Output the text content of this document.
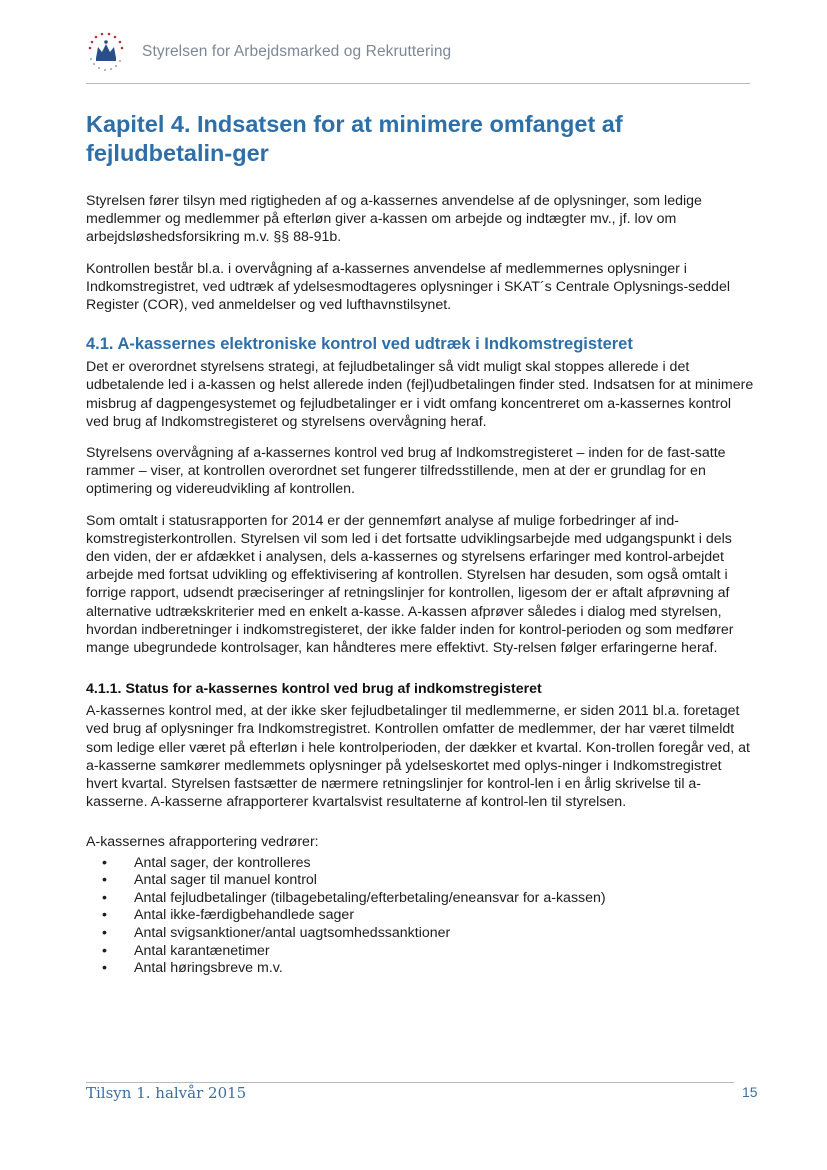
Styrelsen for Arbejdsmarked og Rekruttering
Kapitel 4. Indsatsen for at minimere omfanget af fejludbetalin-ger

Styrelsen fører tilsyn med rigtigheden af og a-kassernes anvendelse af de oplysninger, som ledige medlemmer og medlemmer på efterløn giver a-kassen om arbejde og indtægter mv., jf. lov om arbejdsløshedsforsikring m.v. §§ 88-91b.

Kontrollen består bl.a. i overvågning af a-kassernes anvendelse af medlemmernes oplysninger i Indkomstregistret, ved udtræk af ydelsesmodtageres oplysninger i SKAT´s Centrale Oplysnings-seddel Register (COR), ved anmeldelser og ved lufthavnstilsynet.

4.1. A-kassernes elektroniske kontrol ved udtræk i Indkomstregisteret

Det er overordnet styrelsens strategi, at fejludbetalinger så vidt muligt skal stoppes allerede i det udbetalende led i a-kassen og helst allerede inden (fejl)udbetalingen finder sted. Indsatsen for at minimere misbrug af dagpengesystemet og fejludbetalinger er i vidt omfang koncentreret om a-kassernes kontrol ved brug af Indkomstregisteret og styrelsens overvågning heraf.

Styrelsens overvågning af a-kassernes kontrol ved brug af Indkomstregisteret – inden for de fast-satte rammer – viser, at kontrollen overordnet set fungerer tilfredsstillende, men at der er grundlag for en optimering og videreudvikling af kontrollen.

Som omtalt i statusrapporten for 2014 er der gennemført analyse af mulige forbedringer af ind-komstregisterkontrollen. Styrelsen vil som led i det fortsatte udviklingsarbejde med udgangspunkt i dels den viden, der er afdækket i analysen, dels a-kassernes og styrelsens erfaringer med kontrol-arbejdet arbejde med fortsat udvikling og effektivisering af kontrollen. Styrelsen har desuden, som også omtalt i forrige rapport, udsendt præciseringer af retningslinjer for kontrollen, ligesom der er aftalt afprøvning af alternative udtrækskriterier med en enkelt a-kasse. A-kassen afprøver således i dialog med styrelsen, hvordan indberetninger i indkomstregisteret, der ikke falder inden for kontrol-perioden og som medfører mange ubegrundede kontrolsager, kan håndteres mere effektivt. Sty-relsen følger erfaringerne heraf.

4.1.1. Status for a-kassernes kontrol ved brug af indkomstregisteret

A-kassernes kontrol med, at der ikke sker fejludbetalinger til medlemmerne, er siden 2011 bl.a. foretaget ved brug af oplysninger fra Indkomstregistret. Kontrollen omfatter de medlemmer, der har været tilmeldt som ledige eller været på efterløn i hele kontrolperioden, der dækker et kvartal. Kon-trollen foregår ved, at a-kasserne samkører medlemmets oplysninger på ydelseskortet med oplys-ninger i Indkomstregistret hvert kvartal. Styrelsen fastsætter de nærmere retningslinjer for kontrol-len i en årlig skrivelse til a-kasserne. A-kasserne afrapporterer kvartalsvist resultaterne af kontrol-len til styrelsen.

A-kassernes afrapportering vedrører:

• Antal sager, der kontrolleres
• Antal sager til manuel kontrol
• Antal fejludbetalinger (tilbagebetaling/efterbetaling/eneansvar for a-kassen)
• Antal ikke-færdigbehandlede sager
• Antal svigsanktioner/antal uagtsomhedssanktioner
• Antal karantænetimer
• Antal høringsbreve m.v.
Tilsyn 1. halvår 2015	15
